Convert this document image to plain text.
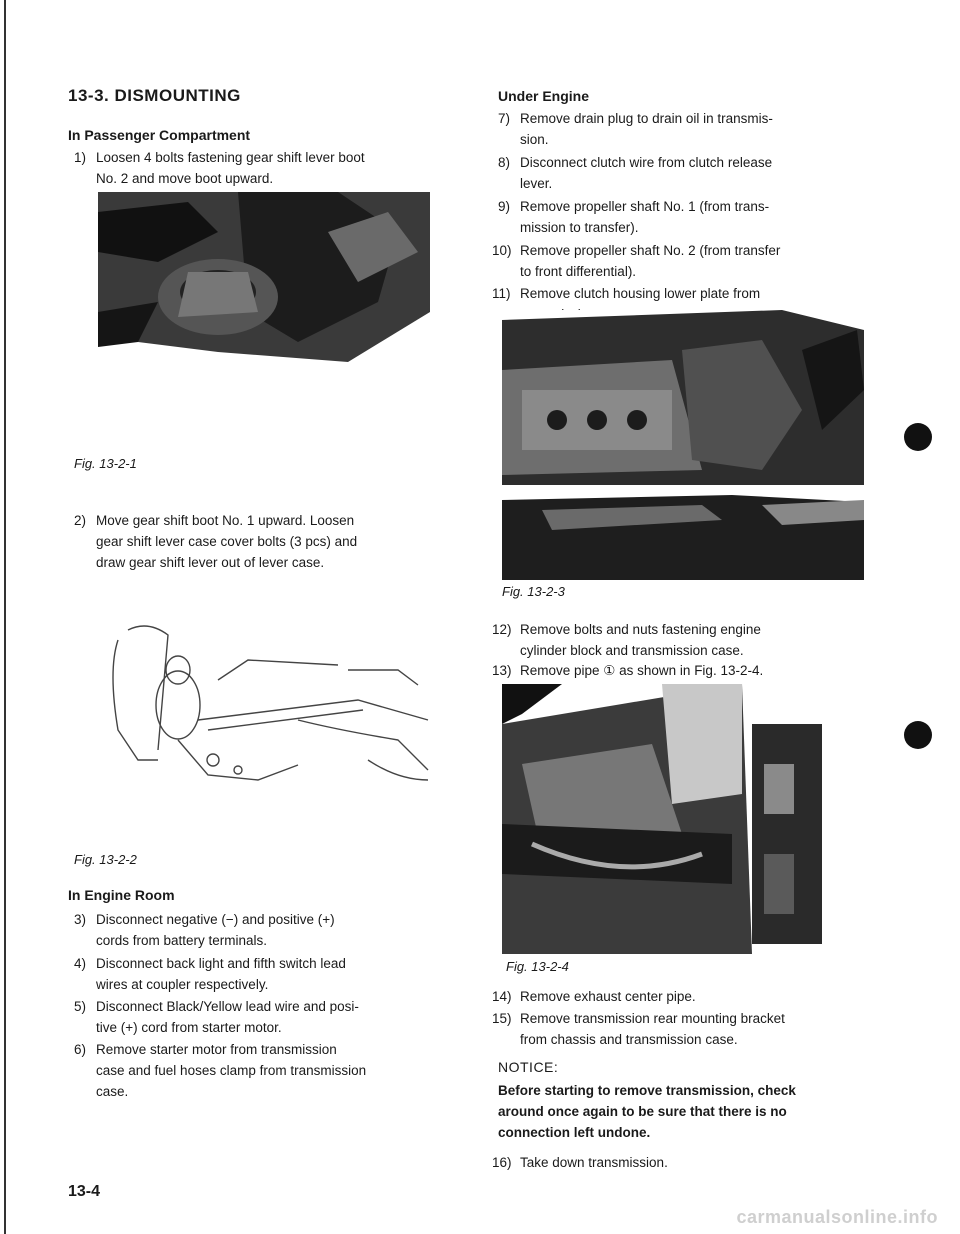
13-3. DISMOUNTING
In Passenger Compartment
1) Loosen 4 bolts fastening gear shift lever boot
No. 2 and move boot upward.
Fig. 13-2-1
2) Move gear shift boot No. 1 upward. Loosen
gear shift lever case cover bolts (3 pcs) and
draw gear shift lever out of lever case.
Fig. 13-2-2
In Engine Room
3) Disconnect negative (−) and positive (+)
cords from battery terminals.
4) Disconnect back light and fifth switch lead
wires at coupler respectively.
5) Disconnect Black/Yellow lead wire and posi-
tive (+) cord from starter motor.
6) Remove starter motor from transmission
case and fuel hoses clamp from transmission
case.
13-4
Under Engine
7) Remove drain plug to drain oil in transmis-
sion.
8) Disconnect clutch wire from clutch release
lever.
9) Remove propeller shaft No. 1 (from trans-
mission to transfer).
10) Remove propeller shaft No. 2 (from transfer
to front differential).
11) Remove clutch housing lower plate from
Fig. 13-2-3
12) Remove bolts and nuts fastening engine
cylinder block and transmission case.
13) Remove pipe ① as shown in Fig. 13-2-4.
Fig. 13-2-4
14) Remove exhaust center pipe.
15) Remove transmission rear mounting bracket
from chassis and transmission case.
NOTICE:
Before starting to remove transmission, check
around once again to be sure that there is no
connection left undone.
16) Take down transmission.
carmanualsonline.info
